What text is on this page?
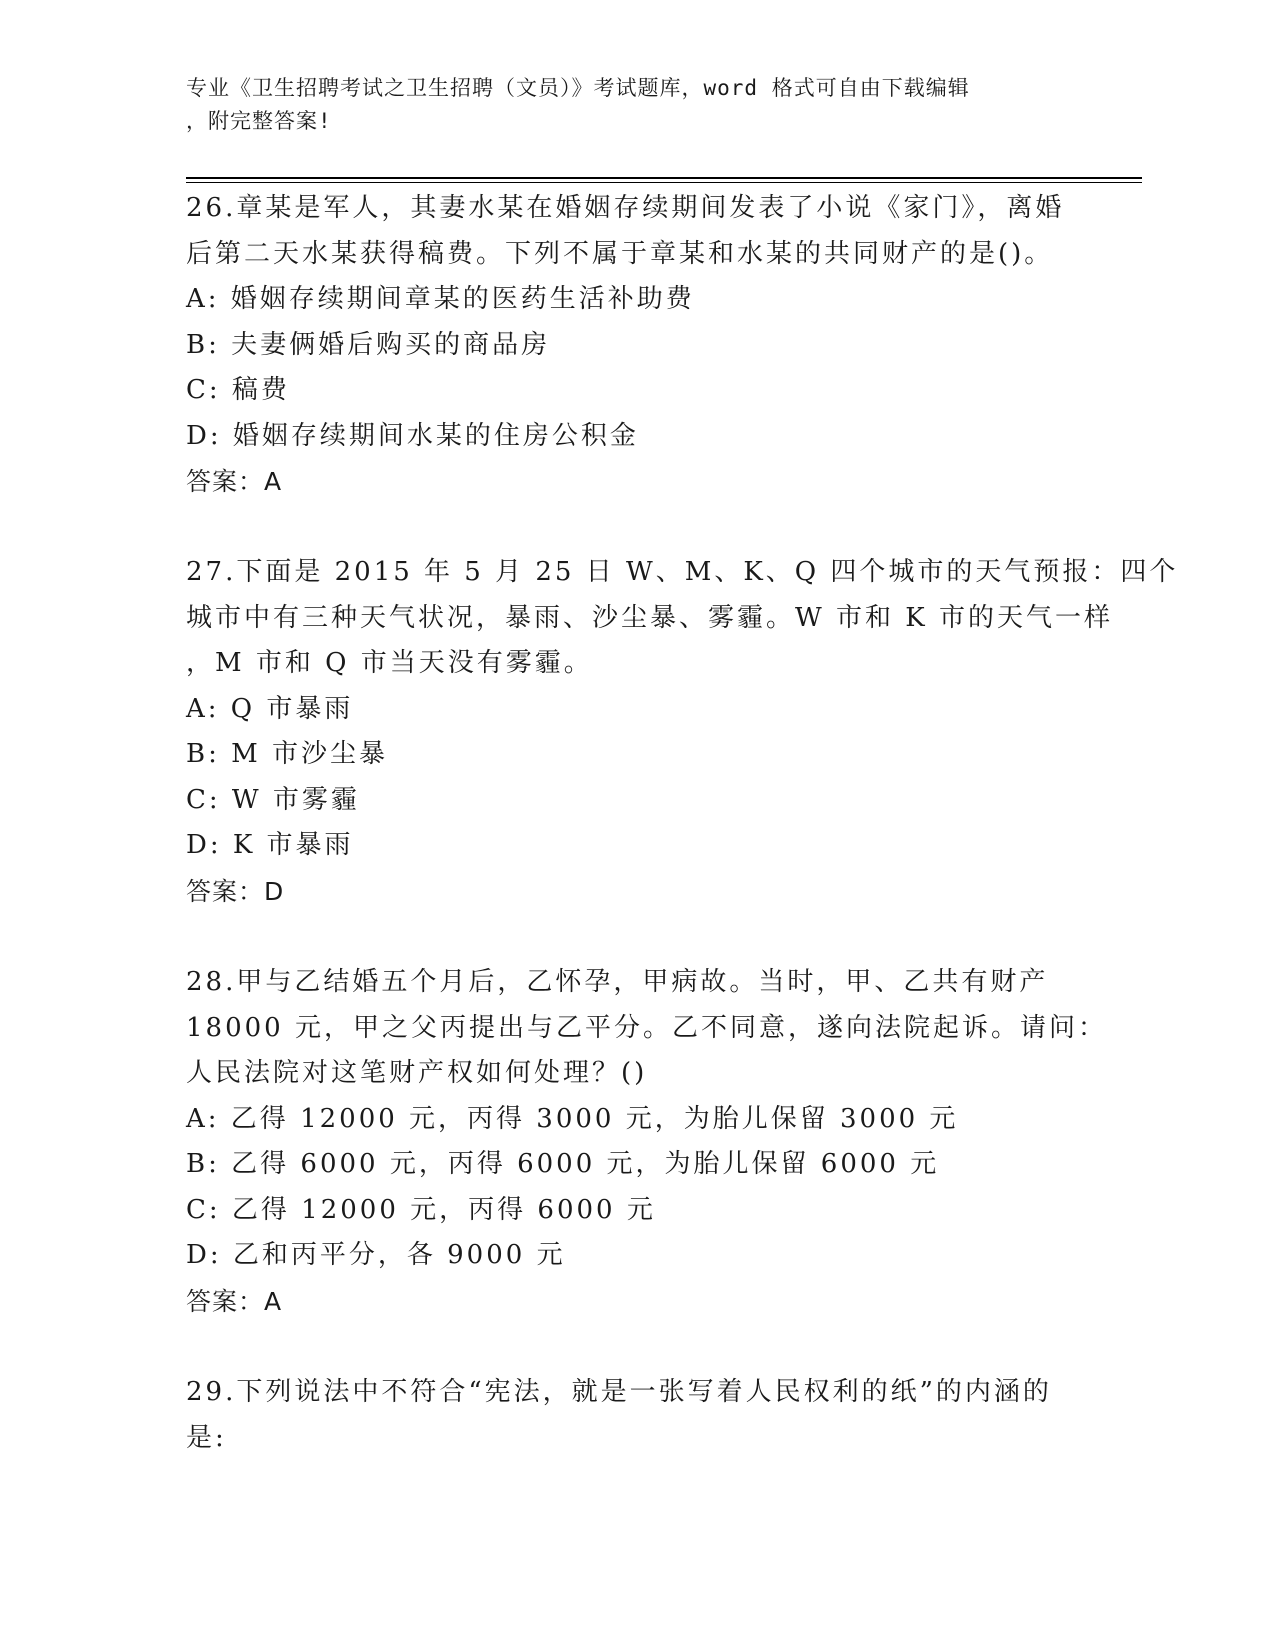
专业《卫生招聘考试之卫生招聘（文员）》考试题库，word 格式可自由下载编辑
，附完整答案!
26.章某是军人，其妻水某在婚姻存续期间发表了小说《家门》，离婚
后第二天水某获得稿费。下列不属于章某和水某的共同财产的是()。
A: 婚姻存续期间章某的医药生活补助费
B: 夫妻俩婚后购买的商品房
C: 稿费
D: 婚姻存续期间水某的住房公积金
答案：A
27.下面是 2015 年 5 月 25 日 W、M、K、Q 四个城市的天气预报：四个
城市中有三种天气状况，暴雨、沙尘暴、雾霾。W 市和 K 市的天气一样
，M 市和 Q 市当天没有雾霾。
A: Q 市暴雨
B: M 市沙尘暴
C: W 市雾霾
D: K 市暴雨
答案：D
28.甲与乙结婚五个月后，乙怀孕，甲病故。当时，甲、乙共有财产
18000 元，甲之父丙提出与乙平分。乙不同意，遂向法院起诉。请问：
人民法院对这笔财产权如何处理？()
A: 乙得 12000 元，丙得 3000 元，为胎儿保留 3000 元
B: 乙得 6000 元，丙得 6000 元，为胎儿保留 6000 元
C: 乙得 12000 元，丙得 6000 元
D: 乙和丙平分，各 9000 元
答案：A
29.下列说法中不符合“宪法，就是一张写着人民权利的纸”的内涵的
是:
